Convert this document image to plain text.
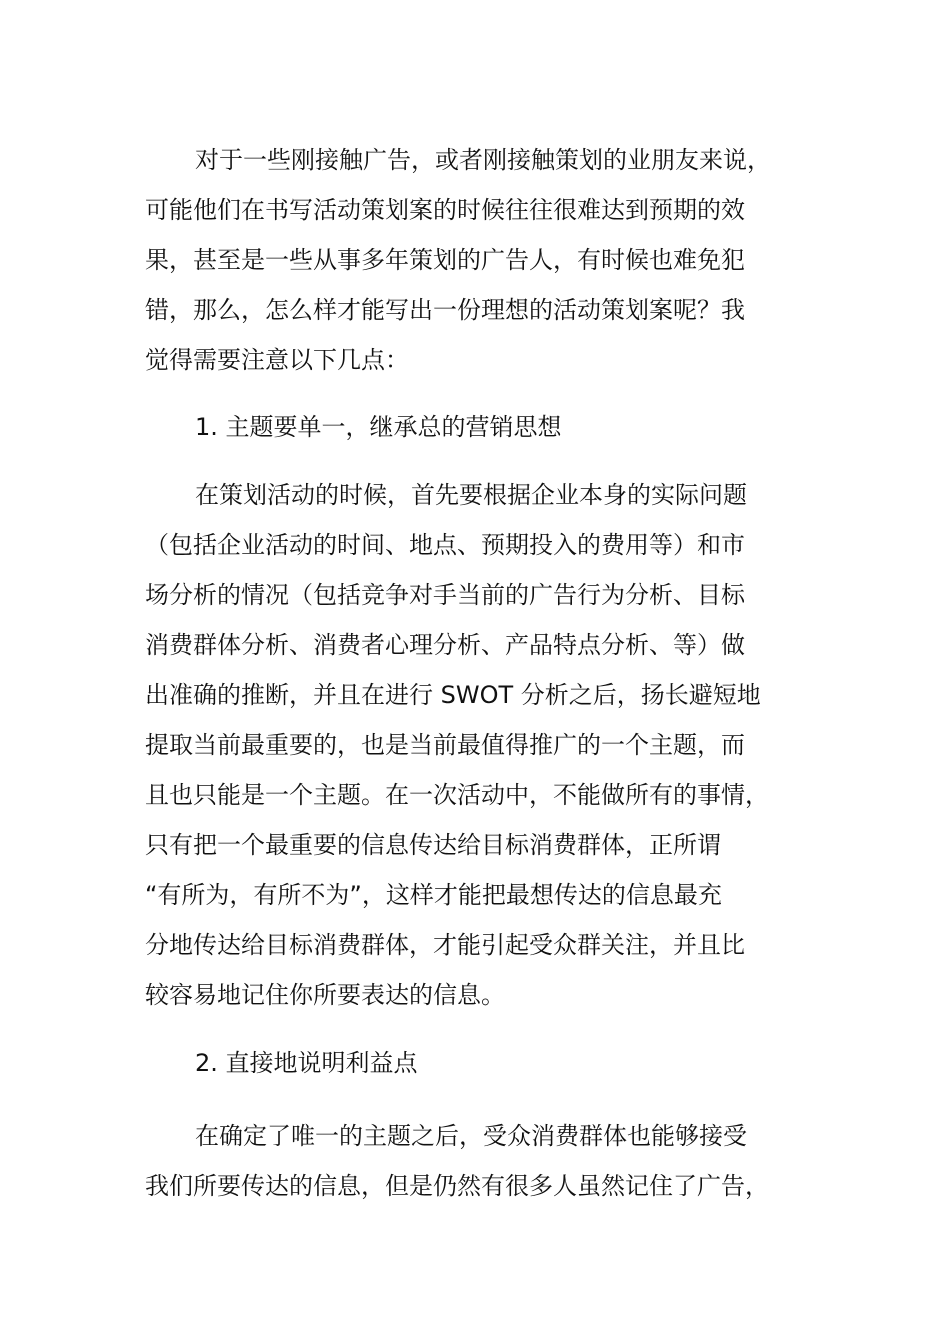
对于一些刚接触广告，或者刚接触策划的业朋友来说，

可能他们在书写活动策划案的时候往往很难达到预期的效

果，甚至是一些从事多年策划的广告人，有时候也难免犯

错，那么，怎么样才能写出一份理想的活动策划案呢？我

觉得需要注意以下几点：

1. 主题要单一，继承总的营销思想

在策划活动的时候，首先要根据企业本身的实际问题

（包括企业活动的时间、地点、预期投入的费用等）和市

场分析的情况（包括竞争对手当前的广告行为分析、目标

消费群体分析、消费者心理分析、产品特点分析、等）做

出准确的推断，并且在进行 SWOT 分析之后，扬长避短地

提取当前最重要的，也是当前最值得推广的一个主题，而

且也只能是一个主题。在一次活动中，不能做所有的事情，

只有把一个最重要的信息传达给目标消费群体，正所谓

“有所为，有所不为”，这样才能把最想传达的信息最充

分地传达给目标消费群体，才能引起受众群关注，并且比

较容易地记住你所要表达的信息。

2. 直接地说明利益点

在确定了唯一的主题之后，受众消费群体也能够接受

我们所要传达的信息，但是仍然有很多人虽然记住了广告，
